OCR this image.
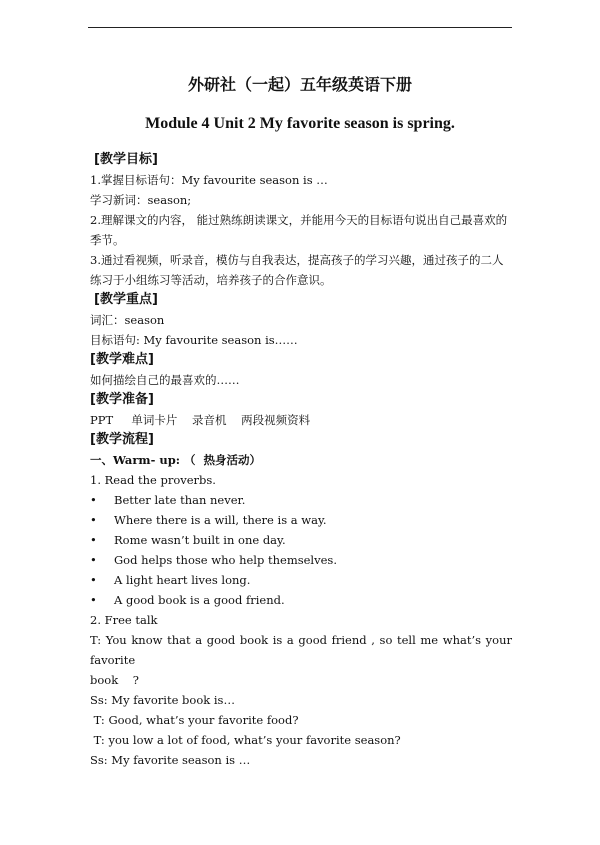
外研社（一起）五年级英语下册
Module 4 Unit 2 My favorite season is spring.
[教学目标]
1.掌握目标语句：My favourite season is …
学习新词：season;
2.理解课文的内容， 能过熟练朗读课文，并能用今天的目标语句说出自己最喜欢的季节。
3.通过看视频，听录音，模仿与自我表达，提高孩子的学习兴趣，通过孩子的二人练习于小组练习等活动，培养孩子的合作意识。
[教学重点]
词汇：season
目标语句: My favourite season is……
[教学难点]
如何描绘自己的最喜欢的……
[教学准备]
PPT     单词卡片    录音机    两段视频资料
[教学流程]
一、Warm- up: （  热身活动）
1. Read the proverbs.
•	Better late than never.
•	Where there is a will, there is a way.
•	Rome wasn’t built in one day.
•	God helps those who help themselves.
•	A light heart lives long.
•	A good book is a good friend.
2. Free talk
T: You know that a good book is a good friend , so tell me what’s your favorite
book    ?
Ss: My favorite book is…
T: Good, what’s your favorite food?
T: you low a lot of food, what’s your favorite season?
Ss: My favorite season is …
